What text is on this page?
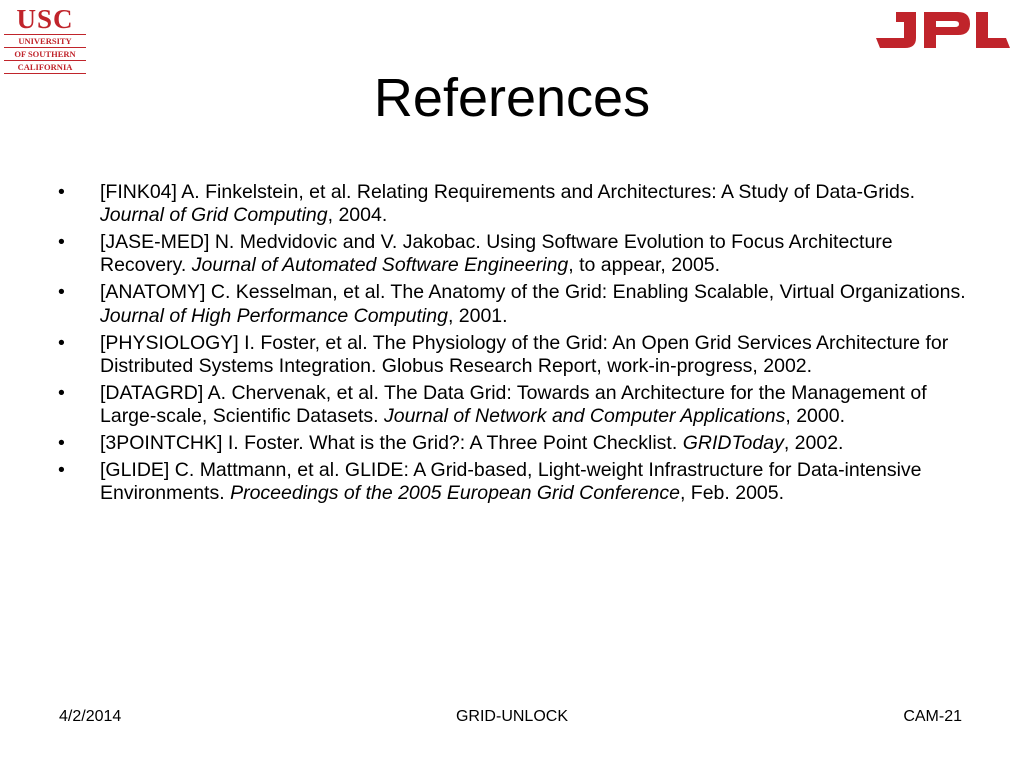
USC
UNIVERSITY
OF SOUTHERN
CALIFORNIA
References
• [FINK04] A. Finkelstein, et al. Relating Requirements and Architectures: A Study of Data-Grids. Journal of Grid Computing, 2004.
• [JASE-MED] N. Medvidovic and V. Jakobac. Using Software Evolution to Focus Architecture Recovery. Journal of Automated Software Engineering, to appear, 2005.
• [ANATOMY] C. Kesselman, et al. The Anatomy of the Grid: Enabling Scalable, Virtual Organizations. Journal of High Performance Computing, 2001.
• [PHYSIOLOGY] I. Foster, et al. The Physiology of the Grid: An Open Grid Services Architecture for Distributed Systems Integration. Globus Research Report, work-in-progress, 2002.
• [DATAGRD] A. Chervenak, et al. The Data Grid: Towards an Architecture for the Management of Large-scale, Scientific Datasets. Journal of Network and Computer Applications, 2000.
• [3POINTCHK] I. Foster. What is the Grid?: A Three Point Checklist. GRIDToday, 2002.
• [GLIDE] C. Mattmann, et al. GLIDE: A Grid-based, Light-weight Infrastructure for Data-intensive Environments. Proceedings of the 2005 European Grid Conference, Feb. 2005.
4/2/2014	GRID-UNLOCK	CAM-21
